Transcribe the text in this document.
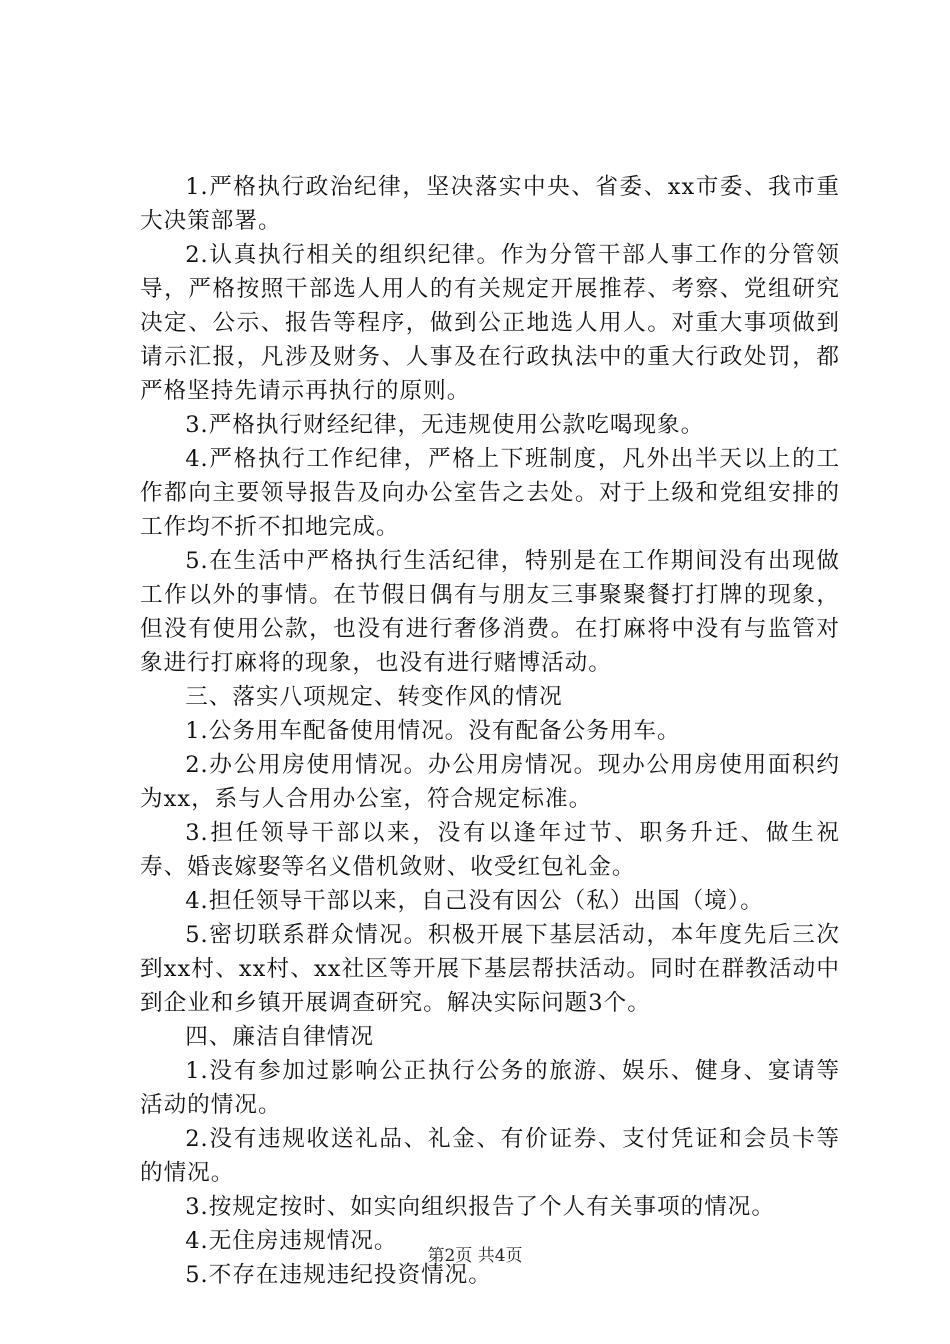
1.严格执行政治纪律，坚决落实中央、省委、xx市委、我市重大决策部署。

2.认真执行相关的组织纪律。作为分管干部人事工作的分管领导，严格按照干部选人用人的有关规定开展推荐、考察、党组研究决定、公示、报告等程序，做到公正地选人用人。对重大事项做到请示汇报，凡涉及财务、人事及在行政执法中的重大行政处罚，都严格坚持先请示再执行的原则。

3.严格执行财经纪律，无违规使用公款吃喝现象。

4.严格执行工作纪律，严格上下班制度，凡外出半天以上的工作都向主要领导报告及向办公室告之去处。对于上级和党组安排的工作均不折不扣地完成。

5.在生活中严格执行生活纪律，特别是在工作期间没有出现做工作以外的事情。在节假日偶有与朋友三事聚聚餐打打牌的现象，但没有使用公款，也没有进行奢侈消费。在打麻将中没有与监管对象进行打麻将的现象，也没有进行赌博活动。

三、落实八项规定、转变作风的情况

1.公务用车配备使用情况。没有配备公务用车。

2.办公用房使用情况。办公用房情况。现办公用房使用面积约为xx，系与人合用办公室，符合规定标准。

3.担任领导干部以来，没有以逢年过节、职务升迁、做生祝寿、婚丧嫁娶等名义借机敛财、收受红包礼金。

4.担任领导干部以来，自己没有因公（私）出国（境）。

5.密切联系群众情况。积极开展下基层活动，本年度先后三次到xx村、xx村、xx社区等开展下基层帮扶活动。同时在群教活动中到企业和乡镇开展调查研究。解决实际问题3个。

四、廉洁自律情况

1.没有参加过影响公正执行公务的旅游、娱乐、健身、宴请等活动的情况。

2.没有违规收送礼品、礼金、有价证券、支付凭证和会员卡等的情况。

3.按规定按时、如实向组织报告了个人有关事项的情况。

4.无住房违规情况。

5.不存在违规违纪投资情况。

第2页 共4页
